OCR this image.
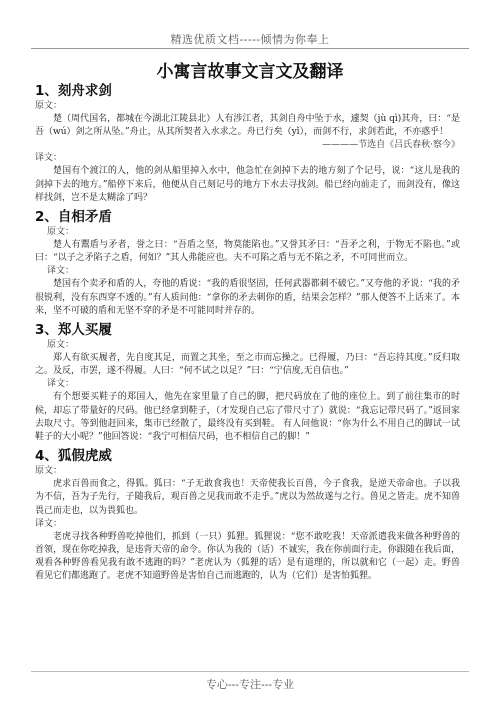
精选优质文档-----倾情为你奉上
小寓言故事文言文及翻译

1、刻舟求剑

原文：

楚（周代国名，都城在今湖北江陵县北）人有涉江者，其剑自舟中坠于水，遽契（jù qì)其舟，曰：“是吾（wú）剑之所从坠。”舟止，从其所契者入水求之。舟已行矣（yǐ），而剑不行，求剑若此，不亦惑乎！

————节选自《吕氏春秋·察今》

译文：

楚国有个渡江的人，他的剑从船里掉入水中，他急忙在剑掉下去的地方刻了个记号，说：“这儿是我的剑掉下去的地方。”船停下来后，他便从自己刻记号的地方下水去寻找剑。船已经向前走了，而剑没有，像这样找剑，岂不是太糊涂了吗？

2、自相矛盾

原文：

楚人有鬻盾与矛者，誉之曰：“吾盾之坚，物莫能陷也。”又誉其矛曰：“吾矛之利，于物无不陷也。”或曰：“以子之矛陷子之盾，何如？”其人弗能应也。夫不可陷之盾与无不陷之矛，不可同世而立。

译文：

楚国有个卖矛和盾的人，夸他的盾说：“我的盾很坚固，任何武器都刺不破它。”又夸他的矛说：“我的矛很锐利，没有东西穿不透的。”有人质问他：“拿你的矛去刺你的盾，结果会怎样？”那人便答不上话来了。本来，坚不可破的盾和无坚不穿的矛是不可能同时并存的。

3、郑人买履

原文：

郑人有欲买履者，先自度其足，而置之其坐，至之市而忘操之。已得履，乃曰：“吾忘持其度。”反归取之。及反，市罢，遂不得履。人曰：“何不试之以足？”曰：“宁信度,无自信也。”

译文：

有个想要买鞋子的郑国人，他先在家里量了自己的脚，把尺码放在了他的座位上。到了前往集市的时候，却忘了带量好的尺码。他已经拿到鞋子，（才发现自己忘了带尺寸了）就说：“我忘记带尺码了。”返回家去取尺寸。等到他赶回来，集市已经散了，最终没有买到鞋。 有人问他说：“你为什么不用自己的脚试一试鞋子的大小呢？”他回答说：“我宁可相信尺码，也不相信自己的脚！”

4、狐假虎威

原文：

虎求百兽而食之，得狐。狐曰：“子无敢食我也！天帝使我长百兽，今子食我，是逆天帝命也。子以我为不信，吾为子先行，子随我后，观百兽之见我而敢不走乎。”虎以为然故遂与之行。兽见之皆走。虎不知兽畏己而走也，以为畏狐也。

译文：

老虎寻找各种野兽吃掉他们，抓到（一只）狐狸。狐狸说：“您不敢吃我！天帝派遣我来做各种野兽的首领，现在你吃掉我，是违背天帝的命令。你认为我的（话）不诚实，我在你前面行走，你跟随在我后面，观看各种野兽看见我有敢不逃跑的吗？”老虎认为（狐狸的话）是有道理的，所以就和它（一起）走。野兽看见它们都逃跑了。老虎不知道野兽是害怕自己而逃跑的，认为（它们）是害怕狐狸。

专心---专注---专业
